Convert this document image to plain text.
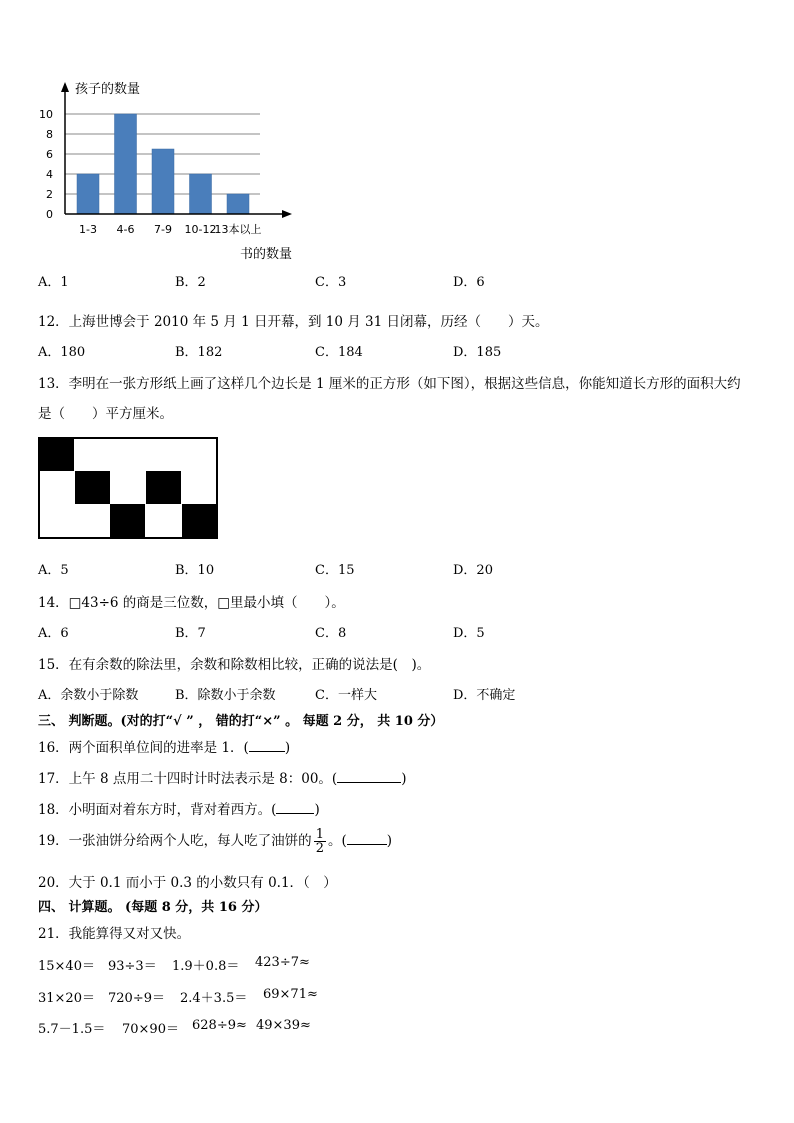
0
2
4
6
8
10
1-3 4-6 7-9 10-12
13本以上
孩子的数量
书的数量
A．1	B．2	C．3	D．6
12．上海世博会于 2010 年 5 月 1 日开幕，到 10 月 31 日闭幕，历经（　　）天。
A．180	B．182	C．184	D．185
13．李明在一张方形纸上画了这样几个边长是 1 厘米的正方形（如下图），根据这些信息，你能知道长方形的面积大约
是（　　）平方厘米。
A．5	B．10	C．15	D．20
14．□43÷6 的商是三位数，□里最小填（　　）。
A．6	B．7	C．8	D．5
15．在有余数的除法里，余数和除数相比较，正确的说法是(　)。
A．余数小于除数	B．除数小于余数	C．一样大	D．不确定
三、 判断题。(对的打“√ ” ， 错的打“×” 。 每题 2 分， 共 10 分）
16．两个面积单位间的进率是 1．(	)
17．上午 8 点用二十四时计时法表示是 8：00。(	)
18．小明面对着东方时，背对着西方。(	)
19．一张油饼分给两个人吃，每人吃了油饼的 $\frac{1}{2}$ 。(	)
20．大于 0.1 而小于 0.3 的小数只有 0.1．（　）
四、 计算题。 (每题 8 分，共 16 分）
21．我能算得又对又快。
15×40＝ 93÷3＝ 1.9＋0.8＝ 423÷7≈
31×20＝ 720÷9＝ 2.4＋3.5＝ 69×71≈
5.7－1.5＝ 70×90＝ 628÷9≈ 49×39≈
